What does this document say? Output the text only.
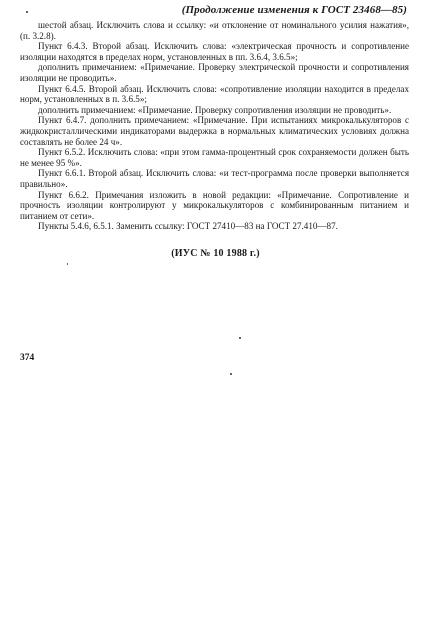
(Продолжение изменения к ГОСТ 23468—85)

шестой абзац. Исключить слова и ссылку: «и отклонение от номинального усилия нажатия», (п. 3.2.8).

Пункт 6.4.3. Второй абзац. Исключить слова: «электрическая прочность и сопротивление изоляции находятся в пределах норм, установленных в пп. 3.6.4, 3.6.5»;

дополнить примечанием: «Примечание. Проверку электрической прочности и сопротивления изоляции не проводить».

Пункт 6.4.5. Второй абзац. Исключить слова: «сопротивление изоляции находится в пределах норм, установленных в п. 3.6.5»;

дополнить примечанием: «Примечание. Проверку сопротивления изоляции не проводить».

Пункт 6.4.7. дополнить примечанием: «Примечание. При испытаниях микрокалькуляторов с жидкокристаллическими индикаторами выдержка в нормальных климатических условиях должна составлять не более 24 ч».

Пункт 6.5.2. Исключить слова: «при этом гамма-процентный срок сохраняемости должен быть не менее 95 %».

Пункт 6.6.1. Второй абзац. Исключить слова: «и тест-программа после проверки выполняется правильно».

Пункт 6.6.2. Примечания изложить в новой редакции: «Примечание. Сопротивление и прочность изоляции контролируют у микрокалькуляторов с комбинированным питанием и питанием от сети».

Пункты 5.4.6, 6.5.1. Заменить ссылку: ГОСТ 27410—83 на ГОСТ 27.410—87.

(ИУС № 10 1988 г.)
374
